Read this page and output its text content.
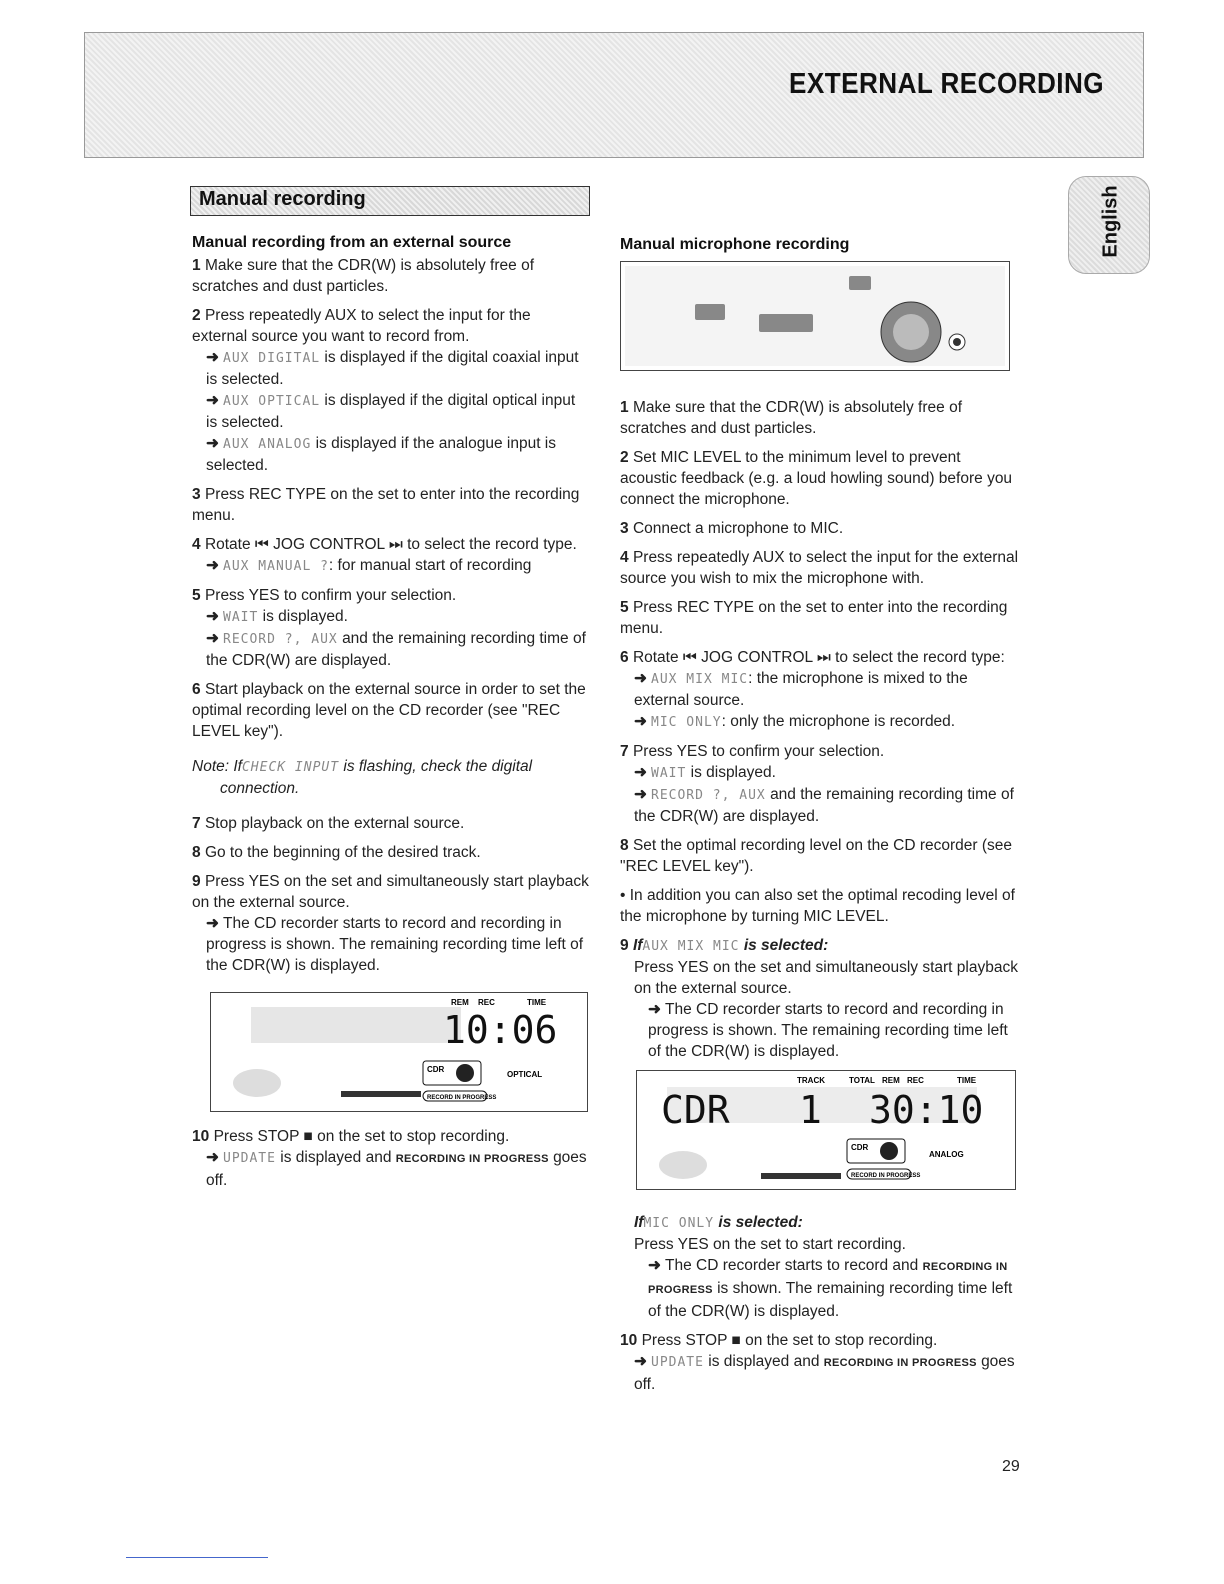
EXTERNAL RECORDING
English
Manual recording
Manual recording from an external source
1 Make sure that the CDR(W) is absolutely free of scratches and dust particles.
2 Press repeatedly AUX to select the input for the external source you want to record from.
➜ AUX DIGITAL is displayed if the digital coaxial input is selected.
➜ AUX OPTICAL is displayed if the digital optical input is selected.
➜ AUX ANALOG is displayed if the analogue input is selected.
3 Press REC TYPE on the set to enter into the recording menu.
4 Rotate ⏮ JOG CONTROL ⏭ to select the record type.
➜ AUX MANUAL ?: for manual start of recording
5 Press YES to confirm your selection.
➜ WAIT is displayed.
➜ RECORD ?, AUX and the remaining recording time of the CDR(W) are displayed.
6 Start playback on the external source in order to set the optimal recording level on the CD recorder (see "REC LEVEL key").
Note: IfCHECK INPUT is flashing, check the digital
connection.
7 Stop playback on the external source.
8 Go to the beginning of the desired track.
9 Press YES on the set and simultaneously start playback on the external source.
➜ The CD recorder starts to record and recording in progress is shown. The remaining recording time left of the CDR(W) is displayed.
REM REC	TIME
10:06
CDR
OPTICAL
RECORD IN PROGRESS
10 Press STOP ■ on the set to stop recording.
➜ UPDATE is displayed and RECORDING IN PROGRESS goes off.
Manual microphone recording
1 Make sure that the CDR(W) is absolutely free of scratches and dust particles.
2 Set MIC LEVEL to the minimum level to prevent acoustic feedback (e.g. a loud howling sound) before you connect the microphone.
3 Connect a microphone to MIC.
4 Press repeatedly AUX to select the input for the external source you wish to mix the microphone with.
5 Press REC TYPE on the set to enter into the recording menu.
6 Rotate ⏮ JOG CONTROL ⏭ to select the record type:
➜ AUX MIX MIC: the microphone is mixed to the external source.
➜ MIC ONLY: only the microphone is recorded.
7 Press YES to confirm your selection.
➜ WAIT is displayed.
➜ RECORD ?, AUX and the remaining recording time of the CDR(W) are displayed.
8 Set the optimal recording level on the CD recorder (see "REC LEVEL key").
• In addition you can also set the optimal recoding level of the microphone by turning MIC LEVEL.
9 IfAUX MIX MIC is selected:
Press YES on the set and simultaneously start playback on the external source.
➜ The CD recorder starts to record and recording in progress is shown. The remaining recording time left of the CDR(W) is displayed.
TRACK	TOTAL REM REC	TIME
CDR 1 30:10
CDR
ANALOG
RECORD IN PROGRESS
IfMIC ONLY is selected:
Press YES on the set to start recording.
➜ The CD recorder starts to record and RECORDING IN PROGRESS is shown. The remaining recording time left of the CDR(W) is displayed.
10 Press STOP ■ on the set to stop recording.
➜ UPDATE is displayed and RECORDING IN PROGRESS goes off.
29
